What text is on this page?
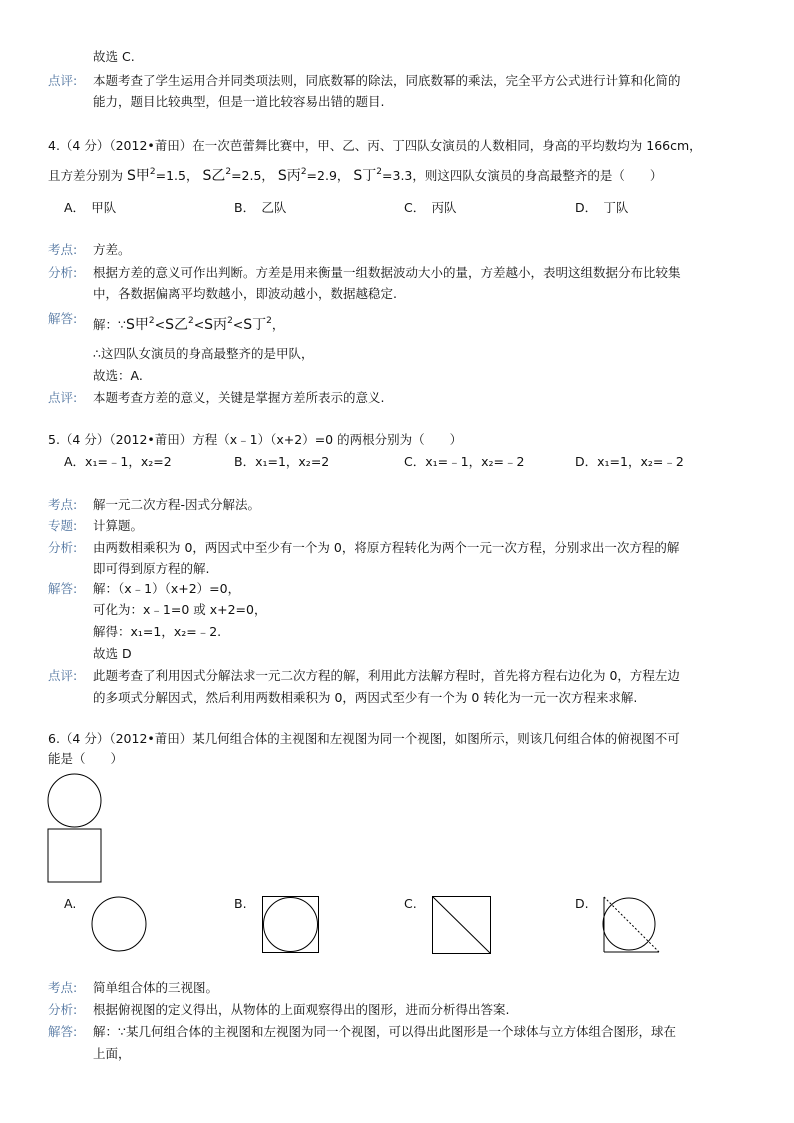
故选 C.
点评: 本题考查了学生运用合并同类项法则，同底数幂的除法，同底数幂的乘法，完全平方公式进行计算和化简的
能力，题目比较典型，但是一道比较容易出错的题目.
4.（4 分）（2012•莆田）在一次芭蕾舞比赛中，甲、乙、丙、丁四队女演员的人数相同，身高的平均数均为 166cm，
且方差分别为 S甲$^2$=1.5， S乙$^2$=2.5， S丙$^2$=2.9， S丁$^2$=3.3，则这四队女演员的身高最整齐的是（　　）
A．　甲队	B．　乙队	C．　丙队	D．　丁队
考点: 方差。
分析: 根据方差的意义可作出判断。方差是用来衡量一组数据波动大小的量，方差越小，表明这组数据分布比较集
中，各数据偏离平均数越小，即波动越小，数据越稳定.
解答: 解：∵S甲$^2$<S乙$^2$<S丙$^2$<S丁$^2$，
∴这四队女演员的身高最整齐的是甲队，
故选：A.
点评: 本题考查方差的意义，关键是掌握方差所表示的意义.
5.（4 分）（2012•莆田）方程（x﹣1）（x+2）=0 的两根分别为（　　）
A．x₁=﹣1，x₂=2	B．x₁=1，x₂=2	C．x₁=﹣1，x₂=﹣2	D．x₁=1，x₂=﹣2
考点: 解一元二次方程-因式分解法。
专题: 计算题。
分析: 由两数相乘积为 0，两因式中至少有一个为 0，将原方程转化为两个一元一次方程，分别求出一次方程的解
即可得到原方程的解.
解答: 解：（x﹣1）（x+2）=0，
可化为：x﹣1=0 或 x+2=0，
解得：x₁=1，x₂=﹣2.
故选 D
点评: 此题考查了利用因式分解法求一元二次方程的解，利用此方法解方程时，首先将方程右边化为 0，方程左边
的多项式分解因式，然后利用两数相乘积为 0，两因式至少有一个为 0 转化为一元一次方程来求解.
6.（4 分）（2012•莆田）某几何组合体的主视图和左视图为同一个视图，如图所示，则该几何组合体的俯视图不可
能是（　　）
A.	B.	C.	D.
考点: 简单组合体的三视图。
分析: 根据俯视图的定义得出，从物体的上面观察得出的图形，进而分析得出答案.
解答: 解：∵某几何组合体的主视图和左视图为同一个视图，可以得出此图形是一个球体与立方体组合图形，球在
上面，
